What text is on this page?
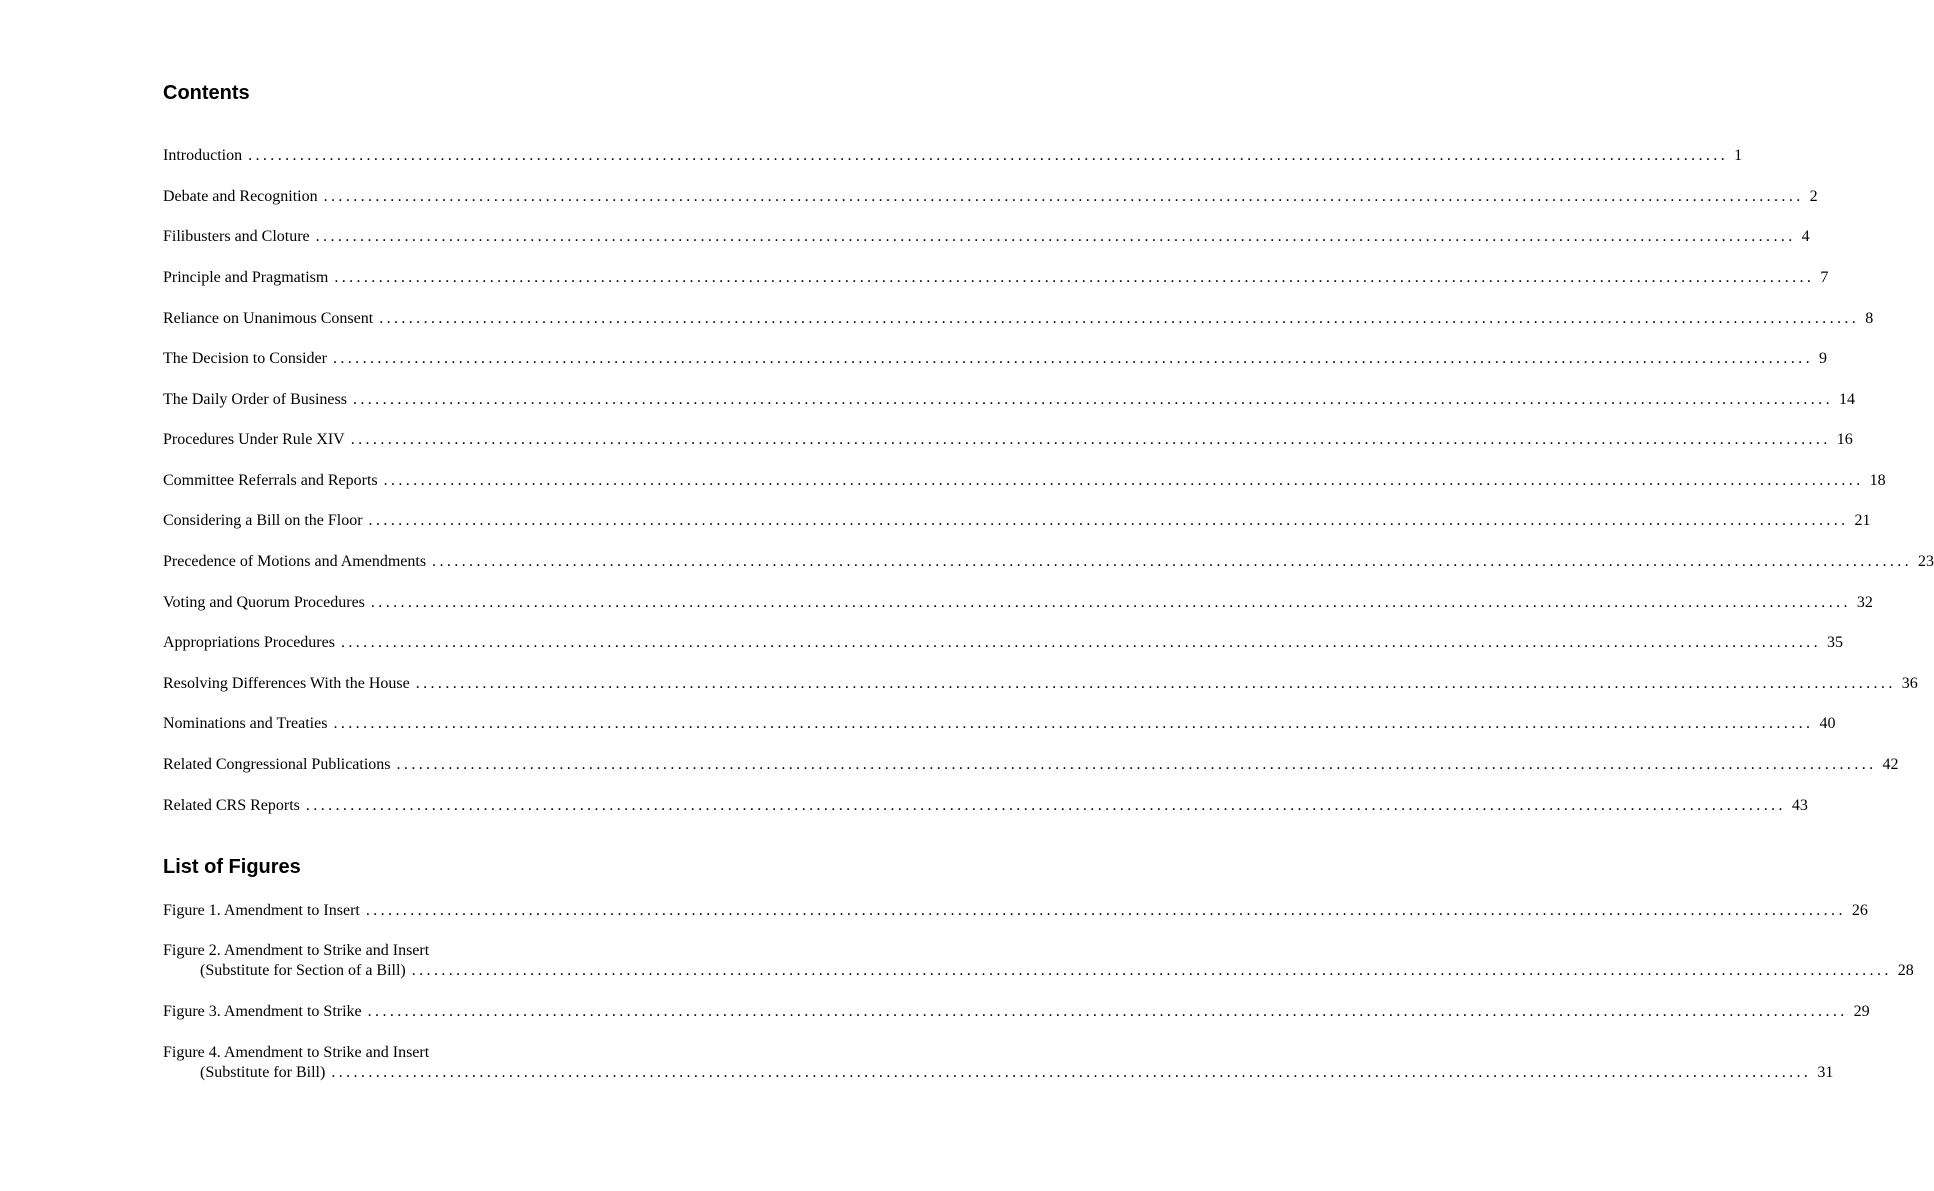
Contents
Introduction ........................................................................................................................................................................................................ 1
Debate and Recognition ........................................................................................................................................................................................................ 2
Filibusters and Cloture ........................................................................................................................................................................................................ 4
Principle and Pragmatism ........................................................................................................................................................................................................ 7
Reliance on Unanimous Consent ........................................................................................................................................................................................................ 8
The Decision to Consider ........................................................................................................................................................................................................ 9
The Daily Order of Business ........................................................................................................................................................................................................ 14
Procedures Under Rule XIV ........................................................................................................................................................................................................ 16
Committee Referrals and Reports ........................................................................................................................................................................................................ 18
Considering a Bill on the Floor ........................................................................................................................................................................................................ 21
Precedence of Motions and Amendments ........................................................................................................................................................................................................ 23
Voting and Quorum Procedures ........................................................................................................................................................................................................ 32
Appropriations Procedures ........................................................................................................................................................................................................ 35
Resolving Differences With the House ........................................................................................................................................................................................................ 36
Nominations and Treaties ........................................................................................................................................................................................................ 40
Related Congressional Publications ........................................................................................................................................................................................................ 42
Related CRS Reports ........................................................................................................................................................................................................ 43
List of Figures
Figure 1. Amendment to Insert ........................................................................................................................................................................................................ 26
Figure 2. Amendment to Strike and Insert
(Substitute for Section of a Bill) ........................................................................................................................................................................................................ 28
Figure 3. Amendment to Strike ........................................................................................................................................................................................................ 29
Figure 4. Amendment to Strike and Insert
(Substitute for Bill) ........................................................................................................................................................................................................ 31
